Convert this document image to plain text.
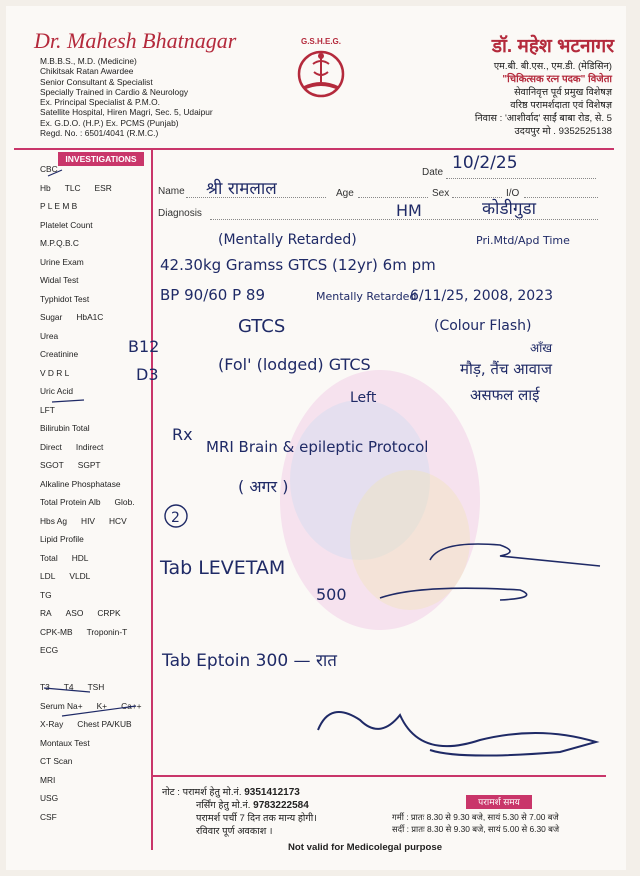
Dr. Mahesh Bhatnagar
M.B.B.S., M.D. (Medicine)
Chikitsak Ratan Awardee
Senior Consultant & Specialist
Specially Trained in Cardio & Neurology
Ex. Principal Specialist & P.M.O.
Satellite Hospital, Hiren Magri, Sec. 5, Udaipur
Ex. G.D.O. (H.P.) Ex. PCMS (Punjab)
Regd. No. : 6501/4041 (R.M.C.)
G.S.H.E.G.	डॉ. महेश भटनागर
एम.बी. बी.एस., एम.डी. (मेडिसिन)
"चिकित्सक रत्न पदक" विजेता
सेवानिवृत्त पूर्व प्रमुख विशेषज्ञ
वरिष्ठ परामर्शदाता एवं विशेषज्ञ
निवास : 'आशीर्वाद' साईं बाबा रोड, से. 5
उदयपुर मो . 9352525138
INVESTIGATIONS
CBC
Hb TLC ESR
P L E M B
Platelet Count
M.P.Q.B.C
Urine Exam
Widal Test
Typhidot Test
Sugar HbA1C
Urea
Creatinine
V D R L
Uric Acid
LFT
Bilirubin Total
Direct Indirect
SGOT SGPT
Alkaline Phosphatase
Total Protein Alb Glob.
Hbs Ag HIV HCV
Lipid Profile
Total HDL
LDL VLDL
TG
RA ASO CRPK
CPK-MB Troponin-T
ECG
T3 T4 TSH
Serum Na+ K+ Ca++
X-Ray Chest PA/KUB
Montaux Test
CT Scan
MRI
USG
CSF
Date
Name	Age	Sex	I/O
Diagnosis
10/2/25
श्री रामलाल
HM	कोडीगुडा
(Mentally Retarded)	Pri.Mtd/Apd Time
42.30kg Gramss GTCS (12yr) 6m pm
BP 90/60 P 89	Mentally Retarded
6/11/25, 2008, 2023
GTCS	(Colour Flash)
B12
D3
(Fol' (lodged) GTCS
आँख
मौड़, तैंच आवाज
असफल लाई
Left
Rx
MRI Brain & epileptic Protocol
( अगर )
2
Tab LEVETAM
500
Tab Eptoin 300 — रात
नोट : परामर्श हेतु मो.नं. 9351412173
नर्सिंग हेतु मो.नं. 9783222584
परामर्श पर्ची 7 दिन तक मान्य होगी।
रविवार पूर्ण अवकाश ।
परामर्श समय
गर्मी : प्रातः 8.30 से 9.30 बजे, सायं 5.30 से 7.00 बजे
सर्दी : प्रातः 8.30 से 9.30 बजे, सायं 5.00 से 6.30 बजे
Not valid for Medicolegal purpose
